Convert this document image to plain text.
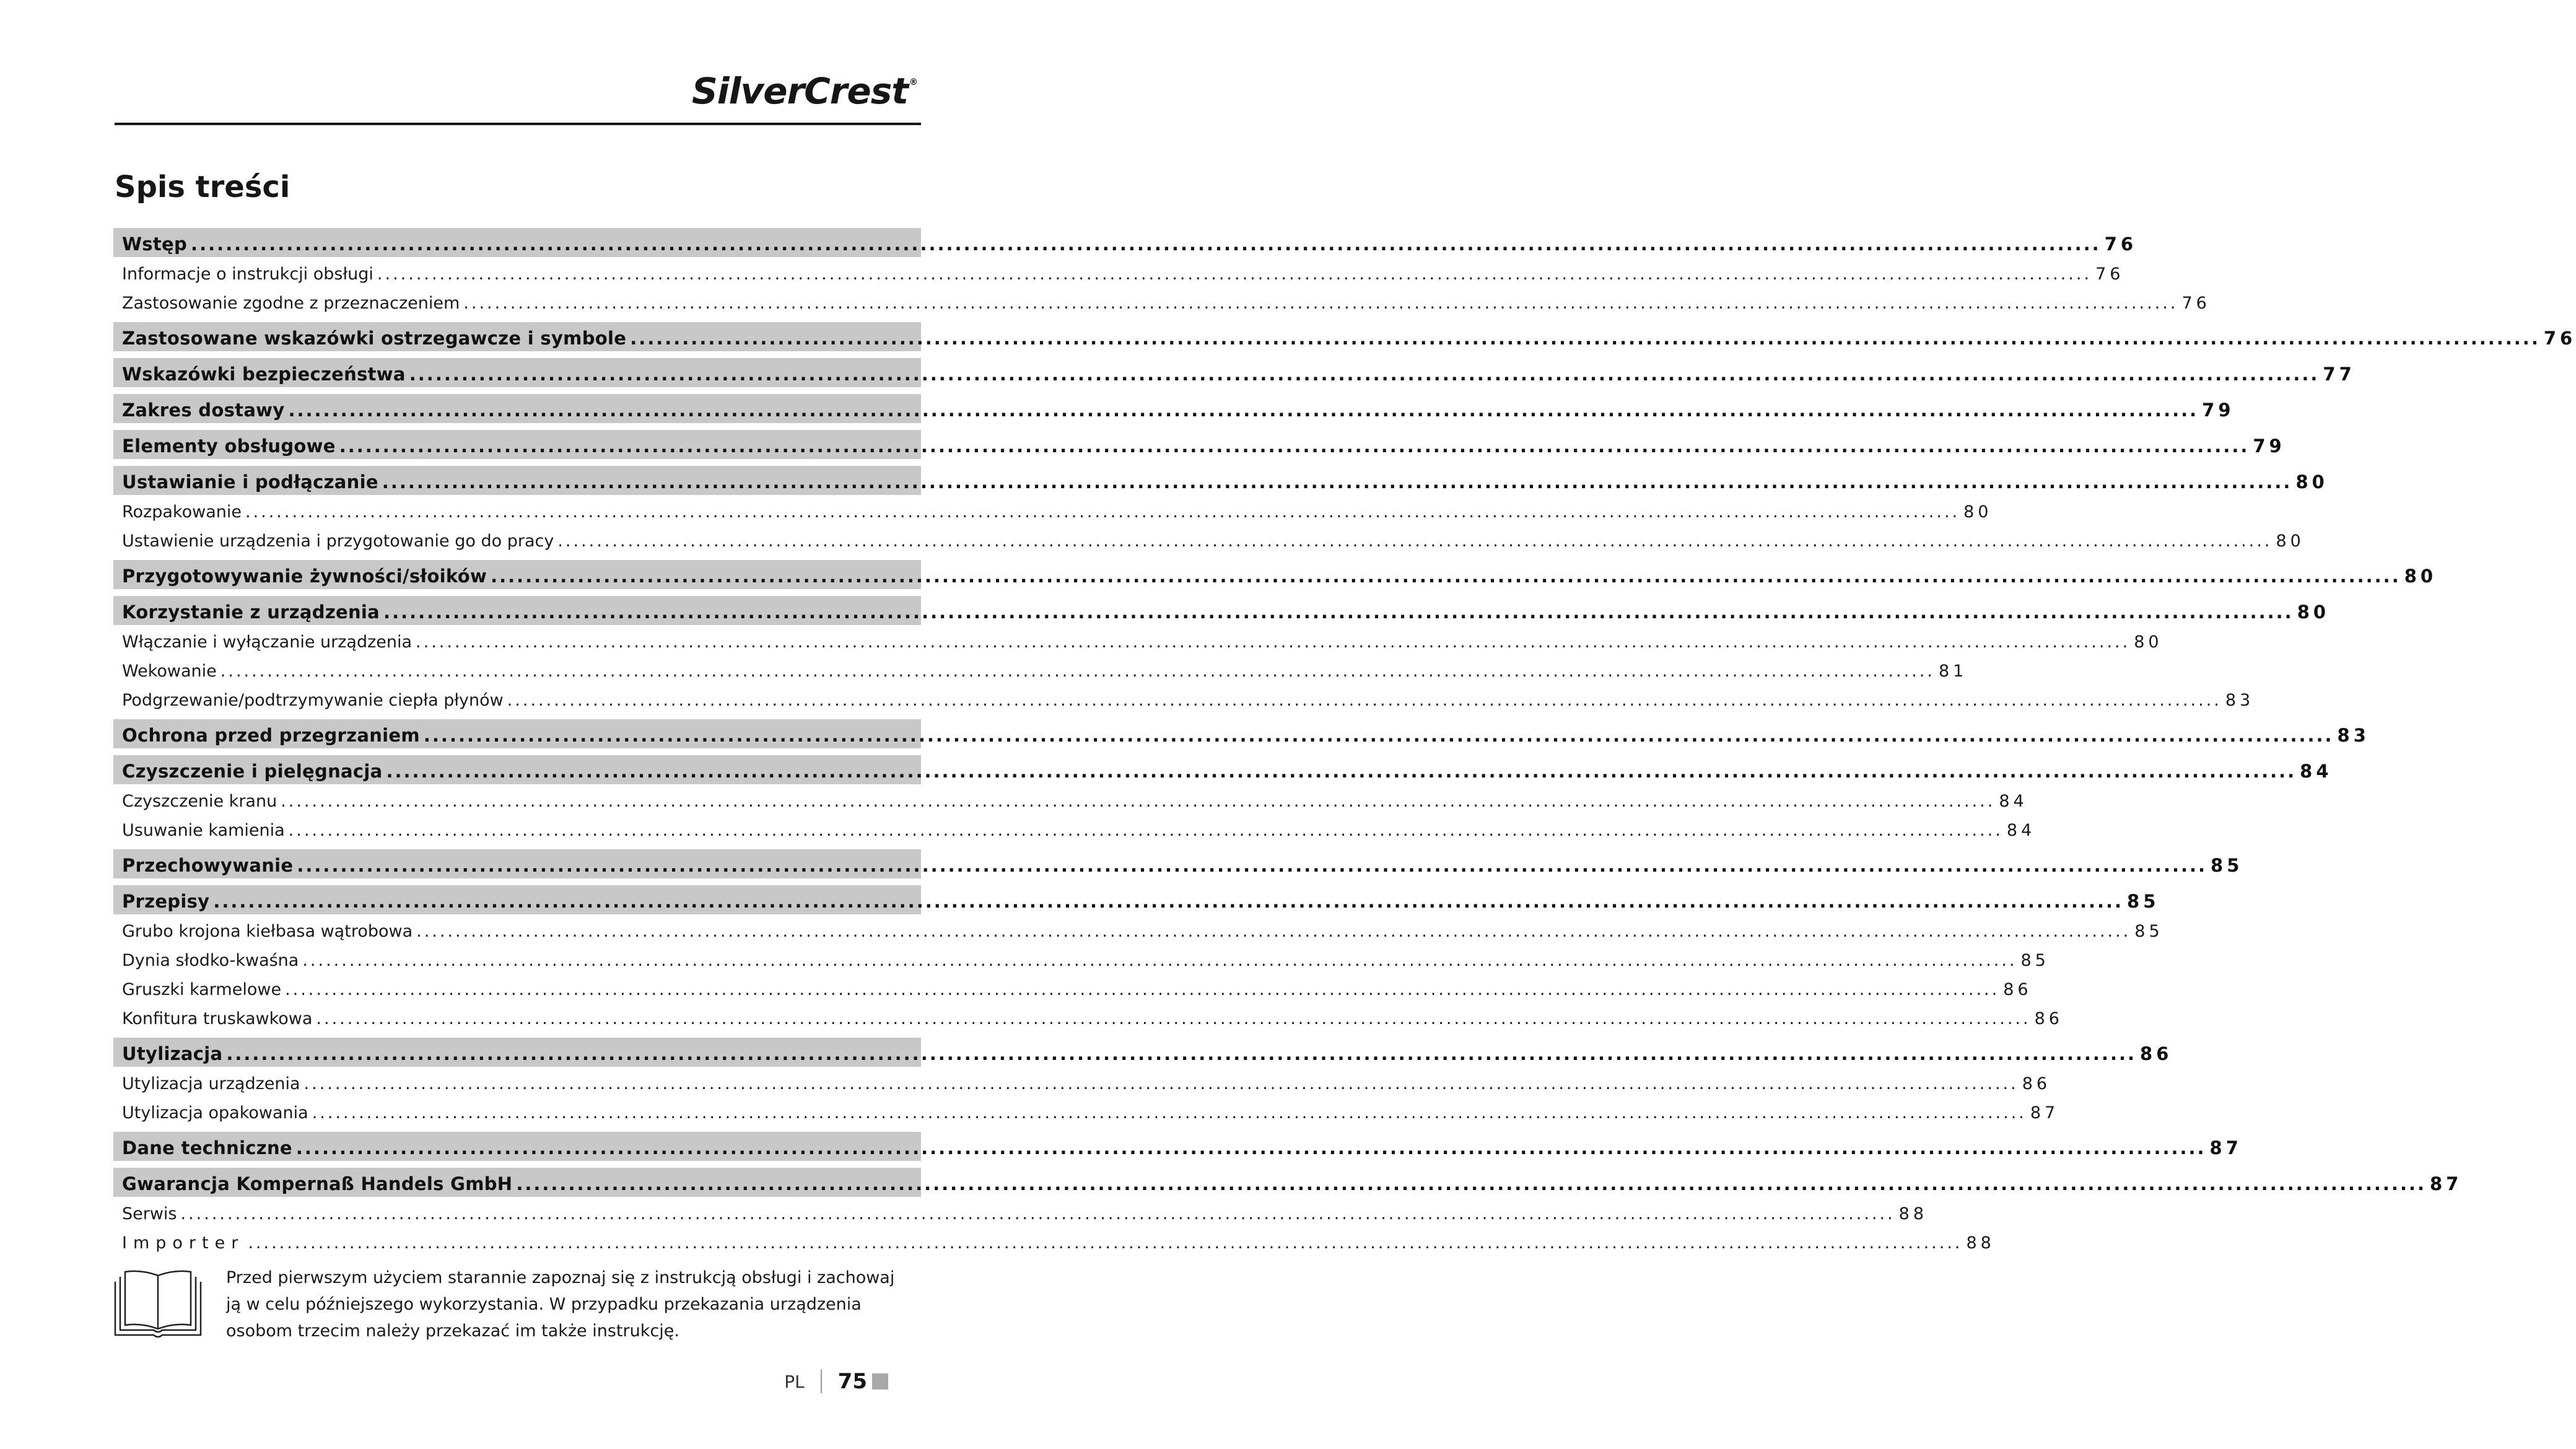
SilverCrest ®
Spis treści
Wstęp ............................................................................................................................................................................................................................ 76
Informacje o instrukcji obsługi ............................................................................................................................................................................................................................ 76
Zastosowanie zgodne z przeznaczeniem ............................................................................................................................................................................................................................ 76
Zastosowane wskazówki ostrzegawcze i symbole ............................................................................................................................................................................................................................ 76
Wskazówki bezpieczeństwa ............................................................................................................................................................................................................................ 77
Zakres dostawy ............................................................................................................................................................................................................................ 79
Elementy obsługowe ............................................................................................................................................................................................................................ 79
Ustawianie i podłączanie ............................................................................................................................................................................................................................ 80
Rozpakowanie ............................................................................................................................................................................................................................ 80
Ustawienie urządzenia i przygotowanie go do pracy ............................................................................................................................................................................................................................ 80
Przygotowywanie żywności/słoików ............................................................................................................................................................................................................................ 80
Korzystanie z urządzenia ............................................................................................................................................................................................................................ 80
Włączanie i wyłączanie urządzenia ............................................................................................................................................................................................................................ 80
Wekowanie ............................................................................................................................................................................................................................ 81
Podgrzewanie/podtrzymywanie ciepła płynów ............................................................................................................................................................................................................................ 83
Ochrona przed przegrzaniem ............................................................................................................................................................................................................................ 83
Czyszczenie i pielęgnacja ............................................................................................................................................................................................................................ 84
Czyszczenie kranu ............................................................................................................................................................................................................................ 84
Usuwanie kamienia ............................................................................................................................................................................................................................ 84
Przechowywanie ............................................................................................................................................................................................................................ 85
Przepisy ............................................................................................................................................................................................................................ 85
Grubo krojona kiełbasa wątrobowa ............................................................................................................................................................................................................................ 85
Dynia słodko-kwaśna ............................................................................................................................................................................................................................ 85
Gruszki karmelowe ............................................................................................................................................................................................................................ 86
Konfitura truskawkowa ............................................................................................................................................................................................................................ 86
Utylizacja ............................................................................................................................................................................................................................ 86
Utylizacja urządzenia ............................................................................................................................................................................................................................ 86
Utylizacja opakowania ............................................................................................................................................................................................................................ 87
Dane techniczne ............................................................................................................................................................................................................................ 87
Gwarancja Kompernaß Handels GmbH ............................................................................................................................................................................................................................ 87
Serwis ............................................................................................................................................................................................................................ 88
Importer ............................................................................................................................................................................................................................ 88
Przed pierwszym użyciem starannie zapoznaj się z instrukcją obsługi i zachowaj ją w celu późniejszego wykorzystania. W przypadku przekazania urządzenia osobom trzecim należy przekazać im także instrukcję.
PL 75
